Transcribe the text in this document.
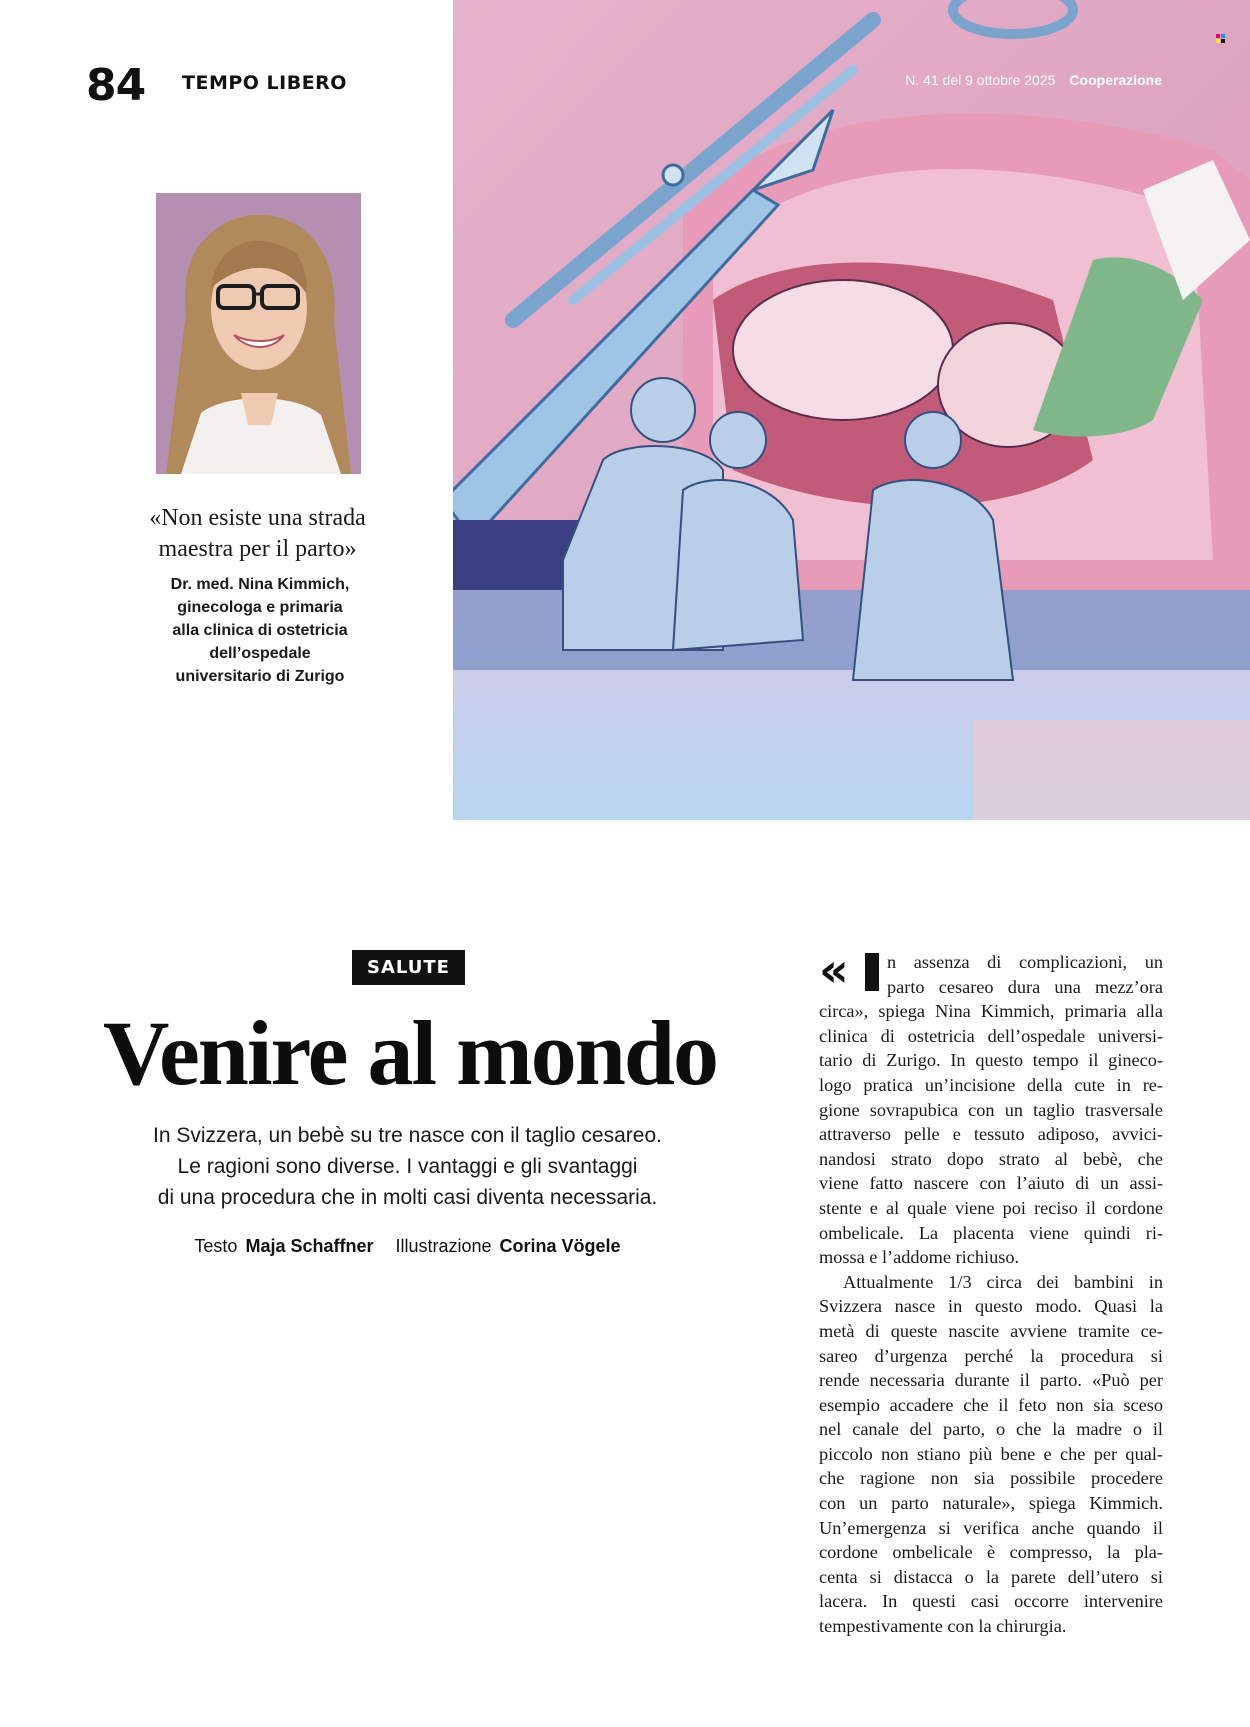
84 TEMPO LIBERO	N. 41 del 9 ottobre 2025 Cooperazione
«Non esiste una strada maestra per il parto»
Dr. med. Nina Kimmich,
ginecologa e primaria
alla clinica di ostetricia
dell’ospedale
universitario di Zurigo
SALUTE
Venire al mondo
In Svizzera, un bebè su tre nasce con il taglio cesareo.
Le ragioni sono diverse. I vantaggi e gli svantaggi
di una procedura che in molti casi diventa necessaria.
Testo Maja Schaffner Illustrazione Corina Vögele
«	n assenza di complicazioni, un
parto cesareo dura una mezz’ora
circa», spiega Nina Kimmich, primaria alla
clinica di ostetricia dell’ospedale universi-
tario di Zurigo. In questo tempo il gineco-
logo pratica un’incisione della cute in re-
gione sovrapubica con un taglio trasversale
attraverso pelle e tessuto adiposo, avvici-
nandosi strato dopo strato al bebè, che
viene fatto nascere con l’aiuto di un assi-
stente e al quale viene poi reciso il cordone
ombelicale. La placenta viene quindi ri-
mossa e l’addome richiuso.
Attualmente 1/3 circa dei bambini in
Svizzera nasce in questo modo. Quasi la
metà di queste nascite avviene tramite ce-
sareo d’urgenza perché la procedura si
rende necessaria durante il parto. «Può per
esempio accadere che il feto non sia sceso
nel canale del parto, o che la madre o il
piccolo non stiano più bene e che per qual-
che ragione non sia possibile procedere
con un parto naturale», spiega Kimmich.
Un’emergenza si verifica anche quando il
cordone ombelicale è compresso, la pla-
centa si distacca o la parete dell’utero si
lacera. In questi casi occorre intervenire
tempestivamente con la chirurgia.
